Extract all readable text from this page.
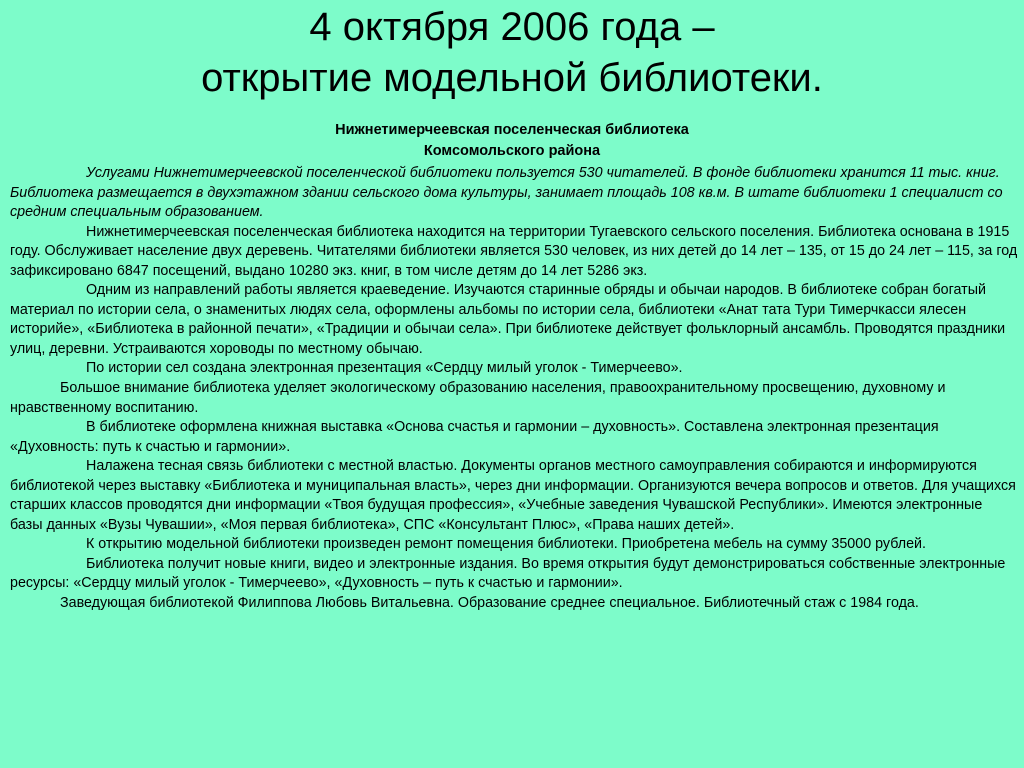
4 октября 2006 года –
открытие модельной библиотеки.
Нижнетимерчеевская поселенческая библиотека
Комсомольского района

Услугами Нижнетимерчеевской поселенческой библиотеки пользуется 530 читателей. В фонде библиотеки хранится 11 тыс. книг. Библиотека размещается в двухэтажном здании сельского дома культуры, занимает площадь 108 кв.м. В штате библиотеки 1 специалист со средним специальным образованием.

Нижнетимерчеевская поселенческая библиотека находится на территории Тугаевского сельского поселения. Библиотека основана в 1915 году. Обслуживает население двух деревень. Читателями библиотеки является 530 человек, из них детей до 14 лет – 135, от 15 до 24 лет – 115, за год зафиксировано 6847 посещений, выдано 10280 экз. книг, в том числе детям до 14 лет 5286 экз.

Одним из направлений работы является краеведение. Изучаются старинные обряды и обычаи народов. В библиотеке собран богатый материал по истории села, о знаменитых людях села, оформлены альбомы по истории села, библиотеки «Анат тата Тури Тимерчкасси ялесен историйе», «Библиотека в районной печати», «Традиции и обычаи села». При библиотеке действует фольклорный ансамбль. Проводятся праздники улиц, деревни. Устраиваются хороводы по местному обычаю.

По истории сел создана электронная презентация «Сердцу милый уголок - Тимерчеево».

Большое внимание библиотека уделяет экологическому образованию населения, правоохранительному просвещению, духовному и нравственному воспитанию.

В библиотеке оформлена книжная выставка «Основа счастья и гармонии – духовность». Составлена электронная презентация «Духовность: путь к счастью и гармонии».

Налажена тесная связь библиотеки с местной властью. Документы органов местного самоуправления собираются и информируются библиотекой через выставку «Библиотека и муниципальная власть», через дни информации. Организуются вечера вопросов и ответов. Для учащихся старших классов проводятся дни информации «Твоя будущая профессия», «Учебные заведения Чувашской Республики». Имеются электронные базы данных «Вузы Чувашии», «Моя первая библиотека», СПС «Консультант Плюс», «Права наших детей».

К открытию модельной библиотеки произведен ремонт помещения библиотеки. Приобретена мебель на сумму 35000 рублей.

Библиотека получит новые книги, видео и электронные издания. Во время открытия будут демонстрироваться собственные электронные ресурсы: «Сердцу милый уголок - Тимерчеево», «Духовность – путь к счастью и гармонии».

Заведующая библиотекой Филиппова Любовь Витальевна. Образование среднее специальное. Библиотечный стаж с 1984 года.
